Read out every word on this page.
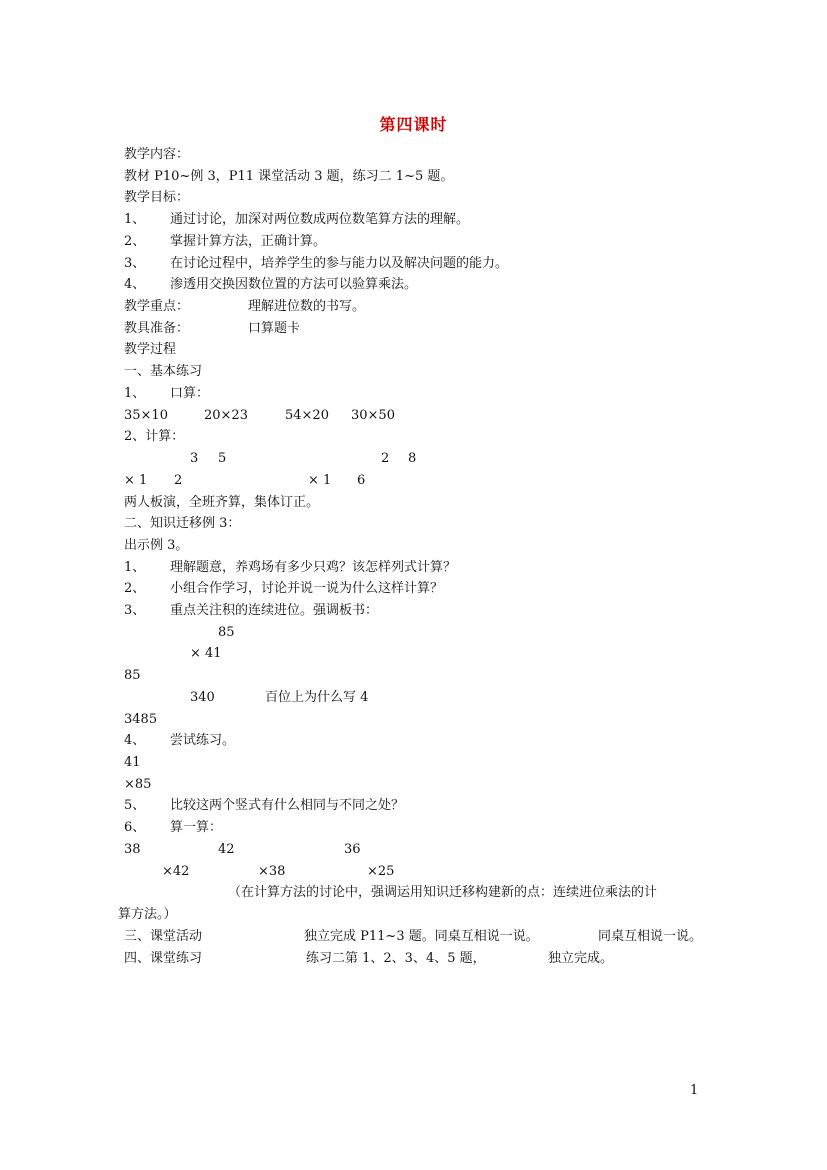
第四课时
教学内容：
教材 P10~例 3，P11 课堂活动 3 题，练习二 1~5 题。
教学目标：
1、 通过讨论，加深对两位数成两位数笔算方法的理解。
2、 掌握计算方法，正确计算。
3、 在讨论过程中，培养学生的参与能力以及解决问题的能力。
4、 渗透用交换因数位置的方法可以验算乘法。
教学重点：	理解进位数的书写。
教具准备：	口算题卡
教学过程
一、基本练习
1、 口算：
35×10	20×23	54×20 30×50
2、计算：
3 5	2 8
× 1 2	× 1 6
两人板演，全班齐算，集体订正。
二、知识迁移例 3：
出示例 3。
1、 理解题意，养鸡场有多少只鸡？该怎样列式计算？
2、 小组合作学习，讨论并说一说为什么这样计算？
3、 重点关注积的连续进位。强调板书：
85
× 41
85
340	百位上为什么写 4
3485
4、 尝试练习。
41
×85
5、 比较这两个竖式有什么相同与不同之处？
6、 算一算：
38	42	36
×42	×38	×25
（在计算方法的讨论中，强调运用知识迁移构建新的点：连续进位乘法的计
算方法。）
三、课堂活动	独立完成 P11~3 题。同桌互相说一说。	同桌互相说一说。
四、课堂练习	练习二第 1、2、3、4、5 题，	独立完成。
1
